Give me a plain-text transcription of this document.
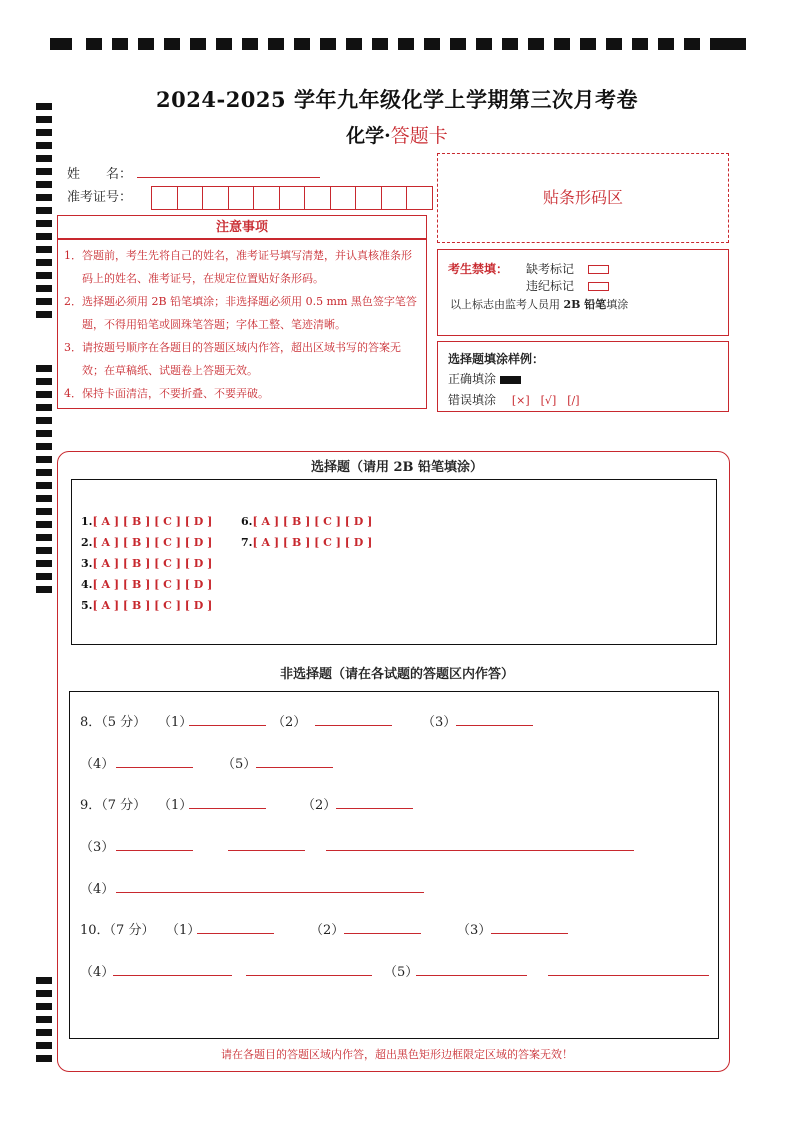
2024-2025 学年九年级化学上学期第三次月考卷
化学·答题卡
姓　　名：
准考证号：	贴条形码区
注意事项

1．答题前，考生先将自己的姓名，准考证号填写清楚，并认真核准条形码上的姓名、准考证号，在规定位置贴好条形码。

2．选择题必须用 2B 铅笔填涂；非选择题必须用 0.5 mm 黑色签字笔答题，不得用铅笔或圆珠笔答题；字体工整、笔迹清晰。

3．请按题号顺序在各题目的答题区域内作答，超出区域书写的答案无效；在草稿纸、试题卷上答题无效。

4．保持卡面清洁，不要折叠、不要弄破。

考生禁填： 缺考标记
违纪标记
以上标志由监考人员用 2B 铅笔填涂
选择题填涂样例：
正确填涂
错误填涂 [×]　[√]　[/]
选择题（请用 2B 铅笔填涂）
1.[ A ] [ B ] [ C ] [ D ]
2.[ A ] [ B ] [ C ] [ D ]
3.[ A ] [ B ] [ C ] [ D ]
4.[ A ] [ B ] [ C ] [ D ]
5.[ A ] [ B ] [ C ] [ D ]
6.[ A ] [ B ] [ C ] [ D ]
7.[ A ] [ B ] [ C ] [ D ]
非选择题（请在各试题的答题区内作答）
8．（5 分） （1）	（2）	（3）
（4）	（5）
9．（7 分） （1）	（2）
（3）
（4）
10．（7 分） （1）	（2）	（3）
（4）	（5）
请在各题目的答题区域内作答，超出黑色矩形边框限定区域的答案无效！
